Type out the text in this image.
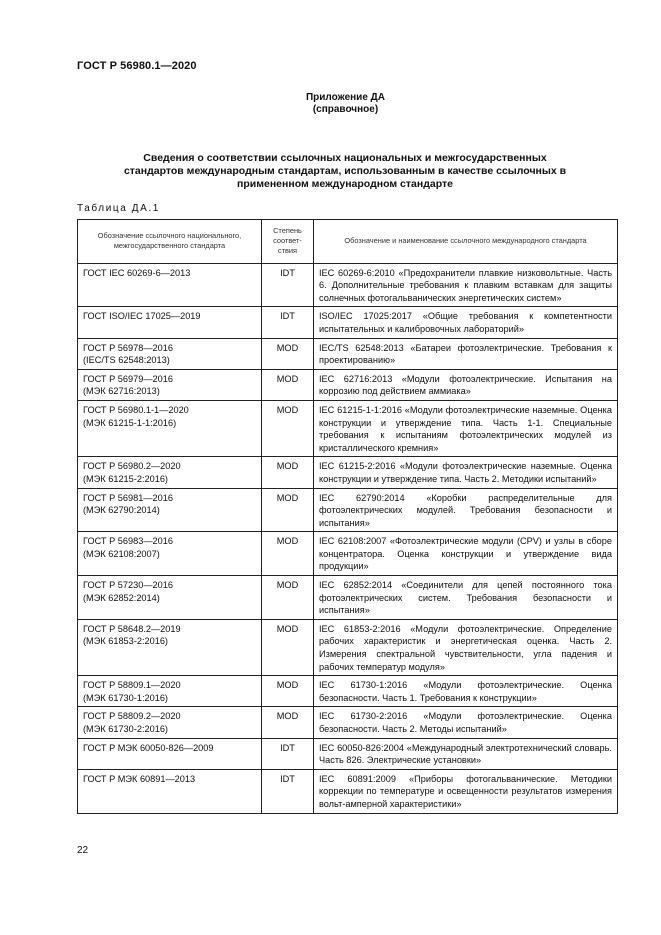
ГОСТ Р 56980.1—2020
Приложение ДА
(справочное)
Сведения о соответствии ссылочных национальных и межгосударственных стандартов международным стандартам, использованным в качестве ссылочных в примененном международном стандарте
Таблица ДА.1
Обозначение ссылочного национального, межгосударственного стандарта	Степень соответ-ствия	Обозначение и наименование ссылочного международного стандарта
ГОСТ IEC 60269-6—2013	IDT	IEC 60269-6:2010 «Предохранители плавкие низковольтные. Часть 6. Дополнительные требования к плавким вставкам для защиты солнечных фотогальванических энергетических систем»
ГОСТ ISO/IEC 17025—2019	IDT	ISO/IEC 17025:2017 «Общие требования к компетентности испытательных и калибровочных лабораторий»
ГОСТ Р 56978—2016
(IEC/TS 62548:2013)	MOD	IEC/TS 62548:2013 «Батареи фотоэлектрические. Требования к проектированию»
ГОСТ Р 56979—2016
(МЭК 62716:2013)	MOD	IEC 62716:2013 «Модули фотоэлектрические. Испытания на коррозию под действием аммиака»
ГОСТ Р 56980.1-1—2020
(МЭК 61215-1-1:2016)	MOD	IEC 61215-1-1:2016 «Модули фотоэлектрические наземные. Оценка конструкции и утверждение типа. Часть 1-1. Специальные требования к испытаниям фотоэлектрических модулей из кристаллического кремния»
ГОСТ Р 56980.2—2020
(МЭК 61215-2:2016)	MOD	IEC 61215-2:2016 «Модули фотоэлектрические наземные. Оценка конструкции и утверждение типа. Часть 2. Методики испытаний»
ГОСТ Р 56981—2016
(МЭК 62790:2014)	MOD	IEC 62790:2014 «Коробки распределительные для фотоэлектрических модулей. Требования безопасности и испытания»
ГОСТ Р 56983—2016
(МЭК 62108:2007)	MOD	IEC 62108:2007 «Фотоэлектрические модули (CPV) и узлы в сборе концентратора. Оценка конструкции и утверждение вида продукции»
ГОСТ Р 57230—2016
(МЭК 62852:2014)	MOD	IEC 62852:2014 «Соединители для цепей постоянного тока фотоэлектрических систем. Требования безопасности и испытания»
ГОСТ Р 58648.2—2019
(МЭК 61853-2:2016)	MOD	IEC 61853-2:2016 «Модули фотоэлектрические. Определение рабочих характеристик и энергетическая оценка. Часть 2. Измерения спектральной чувствительности, угла падения и рабочих температур модуля»
ГОСТ Р 58809.1—2020
(МЭК 61730-1:2016)	MOD	IEC 61730-1:2016 «Модули фотоэлектрические. Оценка безопасности. Часть 1. Требования к конструкции»
ГОСТ Р 58809.2—2020
(МЭК 61730-2:2016)	MOD	IEC 61730-2:2016 «Модули фотоэлектрические. Оценка безопасности. Часть 2. Методы испытаний»
ГОСТ Р МЭК 60050-826—2009	IDT	IEC 60050-826:2004 «Международный электротехнический словарь. Часть 826. Электрические установки»
ГОСТ Р МЭК 60891—2013	IDT	IEC 60891:2009 «Приборы фотогальванические. Методики коррекции по температуре и освещенности результатов измерения вольт-амперной характеристики»
22
